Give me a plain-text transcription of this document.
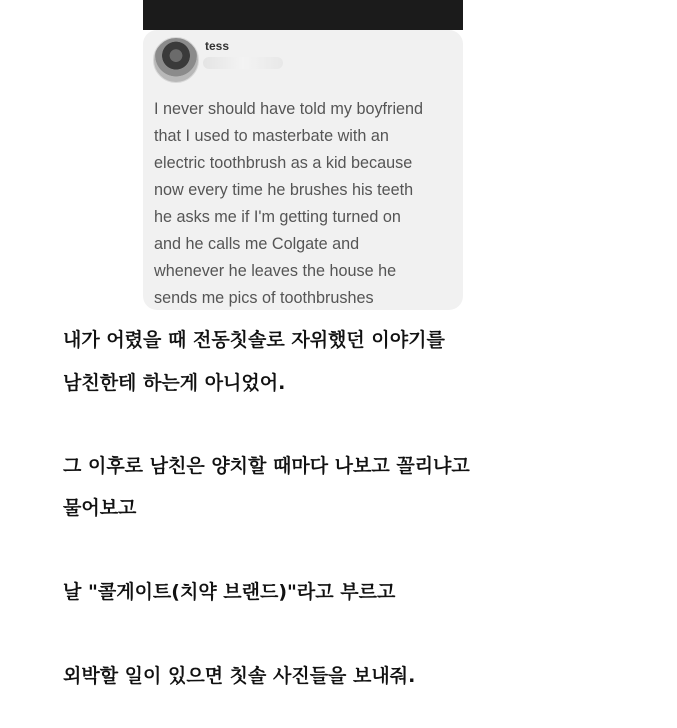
tess
I never should have told my boyfriend
that I used to masterbate with an
electric toothbrush as a kid because
now every time he brushes his teeth
he asks me if I'm getting turned on
and he calls me Colgate and
whenever he leaves the house he
sends me pics of toothbrushes
내가 어렸을 때 전동칫솔로 자위했던 이야기를
남친한테 하는게 아니었어.
그 이후로 남친은 양치할 때마다 나보고 꼴리냐고
물어보고
날 "콜게이트(치약 브랜드)"라고 부르고
외박할 일이 있으면 칫솔 사진들을 보내줘.
